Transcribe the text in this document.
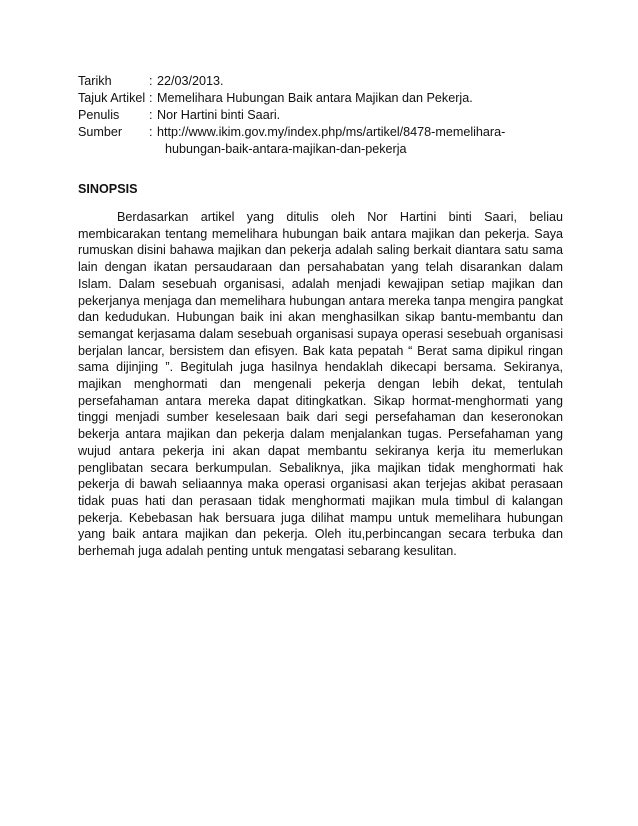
Tarikh	: 22/03/2013.
Tajuk Artikel : Memelihara Hubungan Baik antara Majikan dan Pekerja.
Penulis	: Nor Hartini binti Saari.
Sumber	: http://www.ikim.gov.my/index.php/ms/artikel/8478-memelihara-
hubungan-baik-antara-majikan-dan-pekerja
SINOPSIS
Berdasarkan artikel yang ditulis oleh Nor Hartini binti Saari, beliau membicarakan tentang memelihara hubungan baik antara majikan dan pekerja. Saya rumuskan disini bahawa majikan dan pekerja adalah saling berkait diantara satu sama lain dengan ikatan persaudaraan dan persahabatan yang telah disarankan dalam Islam. Dalam sesebuah organisasi, adalah menjadi kewajipan setiap majikan dan pekerjanya menjaga dan memelihara hubungan antara mereka tanpa mengira pangkat dan kedudukan. Hubungan baik ini akan menghasilkan sikap bantu-membantu dan semangat kerjasama dalam sesebuah organisasi supaya operasi sesebuah organisasi berjalan lancar, bersistem dan efisyen. Bak kata pepatah “ Berat sama dipikul ringan sama dijinjing ”. Begitulah juga hasilnya hendaklah dikecapi bersama. Sekiranya, majikan menghormati dan mengenali pekerja dengan lebih dekat, tentulah persefahaman antara mereka dapat ditingkatkan. Sikap hormat-menghormati yang tinggi menjadi sumber keselesaan baik dari segi persefahaman dan keseronokan bekerja antara majikan dan pekerja dalam menjalankan tugas. Persefahaman yang wujud antara pekerja ini akan dapat membantu sekiranya kerja itu memerlukan penglibatan secara berkumpulan. Sebaliknya, jika majikan tidak menghormati hak pekerja di bawah seliaannya maka operasi organisasi akan terjejas akibat perasaan tidak puas hati dan perasaan tidak menghormati majikan mula timbul di kalangan pekerja. Kebebasan hak bersuara juga dilihat mampu untuk memelihara hubungan yang baik antara majikan dan pekerja. Oleh itu,perbincangan secara terbuka dan berhemah juga adalah penting untuk mengatasi sebarang kesulitan.
